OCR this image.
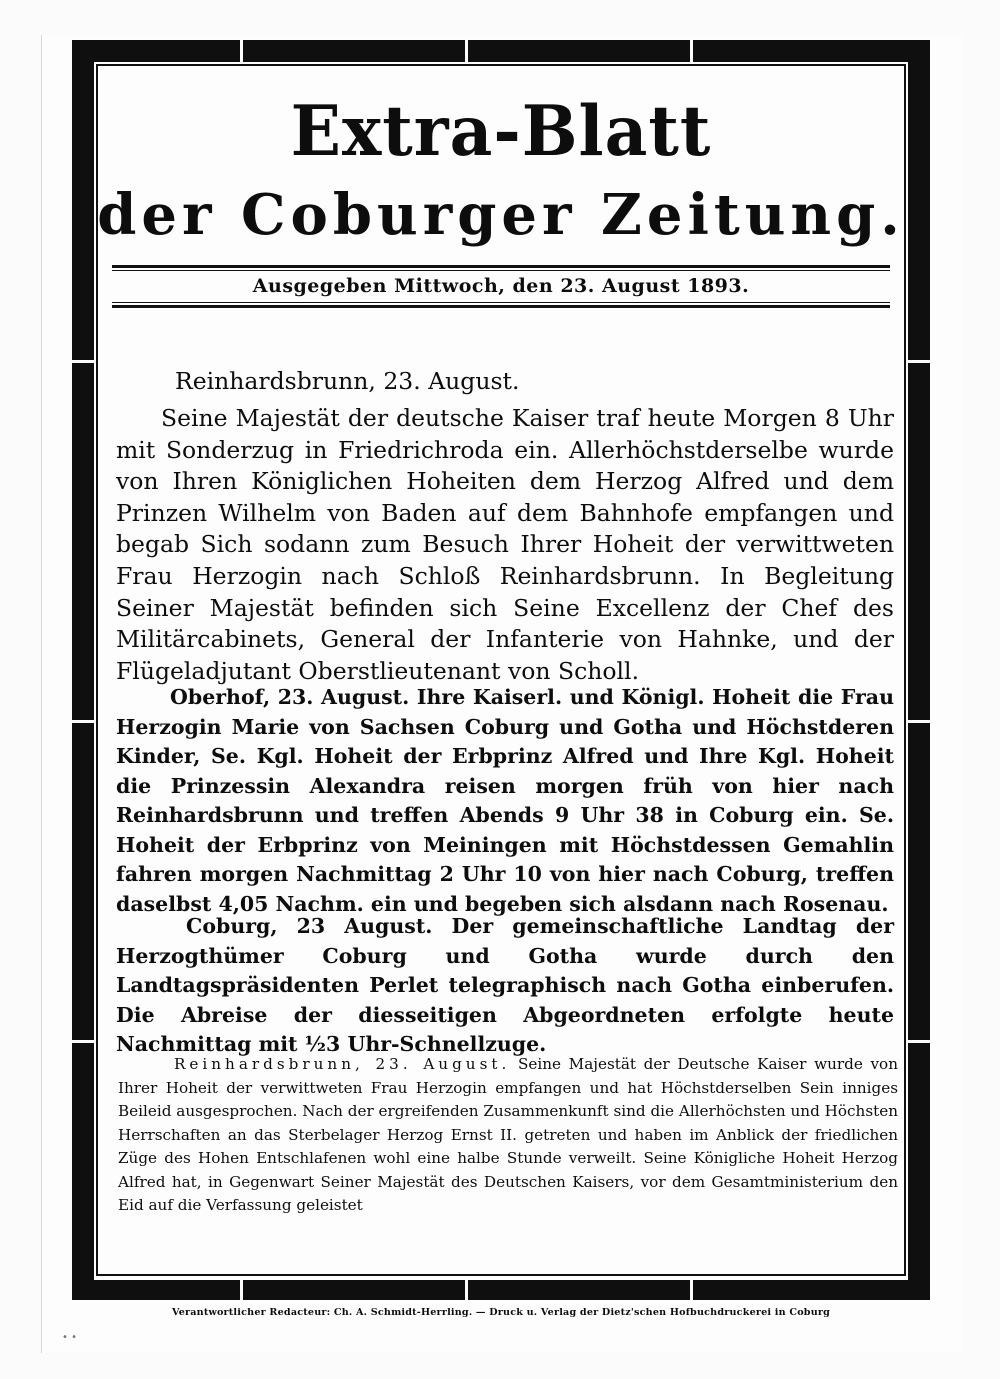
Extra-Blatt
der Coburger Zeitung.
Ausgegeben Mittwoch, den 23. August 1893.
Reinhardsbrunn, 23. August.
Seine Majestät der deutsche Kaiser traf heute Morgen 8 Uhr mit Sonderzug in Friedrichroda ein. Allerhöchstderselbe wurde von Ihren Königlichen Hoheiten dem Herzog Alfred und dem Prinzen Wilhelm von Baden auf dem Bahnhofe empfangen und begab Sich sodann zum Besuch Ihrer Hoheit der verwittweten Frau Herzogin nach Schloß Reinhardsbrunn. In Begleitung Seiner Majestät befinden sich Seine Excellenz der Chef des Militärcabinets, General der Infanterie von Hahnke, und der Flügeladjutant Oberstlieutenant von Scholl.
Oberhof, 23. August. Ihre Kaiserl. und Königl. Hoheit die Frau Herzogin Marie von Sachsen Coburg und Gotha und Höchstderen Kinder, Se. Kgl. Hoheit der Erbprinz Alfred und Ihre Kgl. Hoheit die Prinzessin Alexandra reisen morgen früh von hier nach Reinhardsbrunn und treffen Abends 9 Uhr 38 in Coburg ein. Se. Hoheit der Erbprinz von Meiningen mit Höchstdessen Gemahlin fahren morgen Nachmittag 2 Uhr 10 von hier nach Coburg, treffen daselbst 4,05 Nachm. ein und begeben sich alsdann nach Rosenau.
Coburg, 23 August. Der gemeinschaftliche Landtag der Herzogthümer Coburg und Gotha wurde durch den Landtagspräsidenten Perlet telegraphisch nach Gotha einberufen. Die Abreise der diesseitigen Abgeordneten erfolgte heute Nachmittag mit ½3 Uhr-Schnellzuge.
Reinhardsbrunn, 23. August. Seine Majestät der Deutsche Kaiser wurde von Ihrer Hoheit der verwittweten Frau Herzogin empfangen und hat Höchstderselben Sein inniges Beileid ausgesprochen. Nach der ergreifenden Zusammenkunft sind die Allerhöchsten und Höchsten Herrschaften an das Sterbelager Herzog Ernst II. getreten und haben im Anblick der friedlichen Züge des Hohen Entschlafenen wohl eine halbe Stunde verweilt. Seine Königliche Hoheit Herzog Alfred hat, in Gegenwart Seiner Majestät des Deutschen Kaisers, vor dem Gesamtministerium den Eid auf die Verfassung geleistet
Verantwortlicher Redacteur: Ch. A. Schmidt-Herrling. — Druck u. Verlag der Dietz'schen Hofbuchdruckerei in Coburg
• •
